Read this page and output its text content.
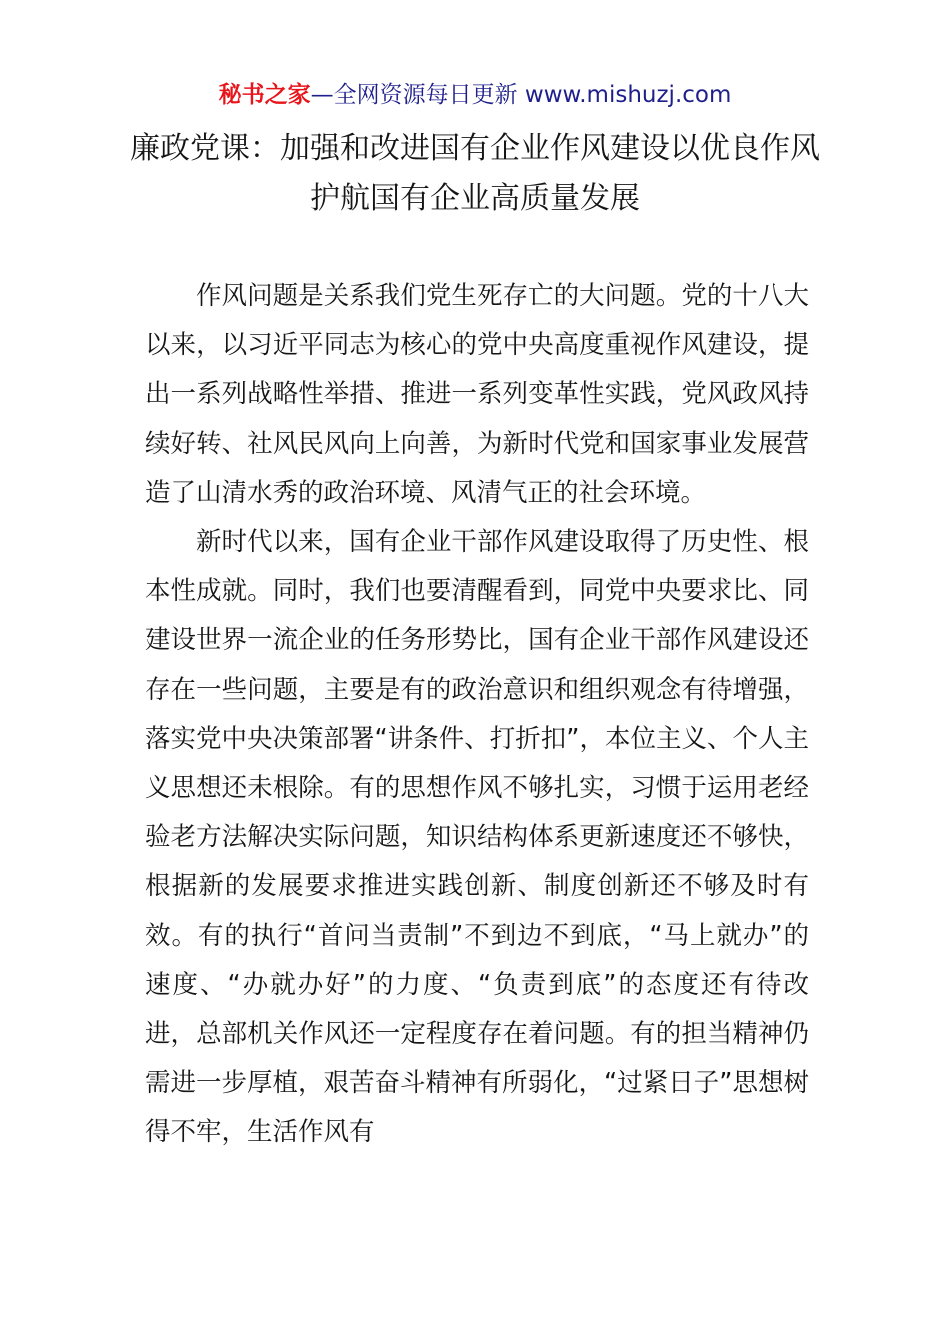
秘书之家—全网资源每日更新 www.mishuzj.com
廉政党课：加强和改进国有企业作风建设以优良作风护航国有企业高质量发展

作风问题是关系我们党生死存亡的大问题。党的十八大以来，以习近平同志为核心的党中央高度重视作风建设，提出一系列战略性举措、推进一系列变革性实践，党风政风持续好转、社风民风向上向善，为新时代党和国家事业发展营造了山清水秀的政治环境、风清气正的社会环境。

新时代以来，国有企业干部作风建设取得了历史性、根本性成就。同时，我们也要清醒看到，同党中央要求比、同建设世界一流企业的任务形势比，国有企业干部作风建设还存在一些问题，主要是有的政治意识和组织观念有待增强，落实党中央决策部署“讲条件、打折扣”，本位主义、个人主义思想还未根除。有的思想作风不够扎实，习惯于运用老经验老方法解决实际问题，知识结构体系更新速度还不够快，根据新的发展要求推进实践创新、制度创新还不够及时有效。有的执行“首问当责制”不到边不到底，“马上就办”的速度、“办就办好”的力度、“负责到底”的态度还有待改进，总部机关作风还一定程度存在着问题。有的担当精神仍需进一步厚植，艰苦奋斗精神有所弱化，“过紧日子”思想树得不牢，生活作风有
